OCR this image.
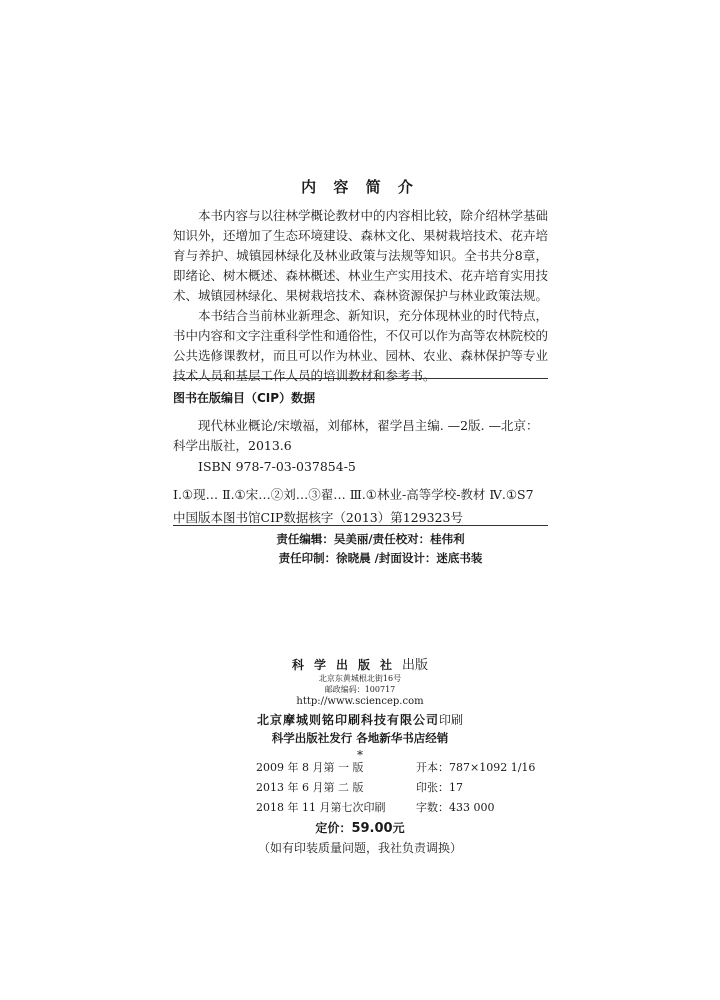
内 容 简 介

本书内容与以往林学概论教材中的内容相比较，除介绍林学基础知识外，还增加了生态环境建设、森林文化、果树栽培技术、花卉培育与养护、城镇园林绿化及林业政策与法规等知识。全书共分8章，即绪论、树木概述、森林概述、林业生产实用技术、花卉培育实用技术、城镇园林绿化、果树栽培技术、森林资源保护与林业政策法规。

本书结合当前林业新理念、新知识，充分体现林业的时代特点，书中内容和文字注重科学性和通俗性，不仅可以作为高等农林院校的公共选修课教材，而且可以作为林业、园林、农业、森林保护等专业技术人员和基层工作人员的培训教材和参考书。

图书在版编目（CIP）数据

现代林业概论/宋墩福，刘郁林，翟学昌主编. —2版. —北京：科学出版社，2013.6

ISBN 978-7-03-037854-5

Ⅰ.①现… Ⅱ.①宋…②刘…③翟… Ⅲ.①林业-高等学校-教材 Ⅳ.①S7

中国版本图书馆CIP数据核字（2013）第129323号

责任编辑：吴美丽/责任校对：桂伟利
责任印制：徐晓晨 /封面设计：迷底书装
科学出版社出版
北京东黄城根北街16号
邮政编码：100717
http://www.sciencep.com
北京摩城则铭印刷科技有限公司印刷
科学出版社发行 各地新华书店经销
*
2009 年 8 月第 一 版	开本：787×1092 1/16
2013 年 6 月第 二 版	印张：17
2018 年 11 月第七次印刷	字数：433 000
定价：59.00元
（如有印装质量问题，我社负责调换）
